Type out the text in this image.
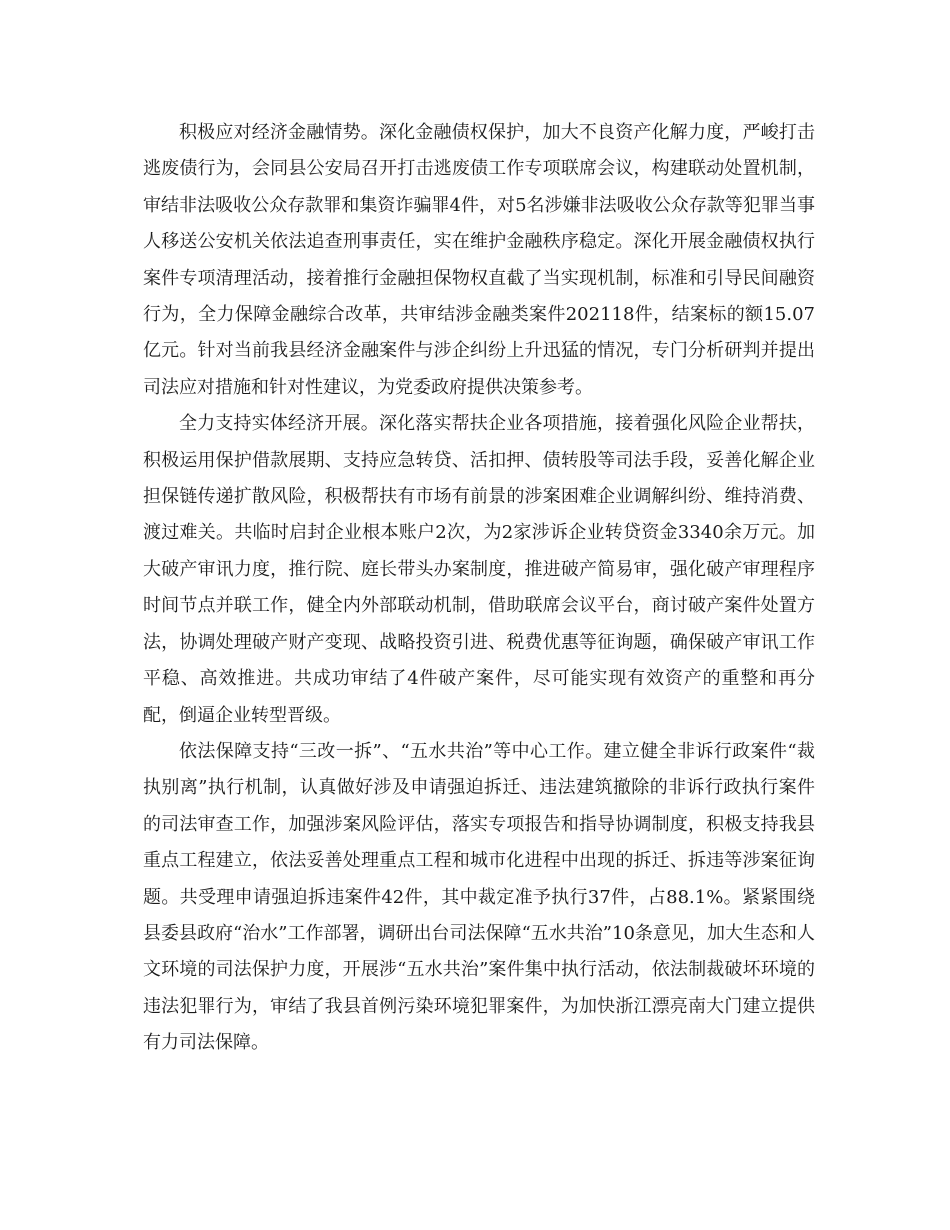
积极应对经济金融情势。深化金融债权保护，加大不良资产化解力度，严峻打击逃废债行为，会同县公安局召开打击逃废债工作专项联席会议，构建联动处置机制，审结非法吸收公众存款罪和集资诈骗罪4件，对5名涉嫌非法吸收公众存款等犯罪当事人移送公安机关依法追查刑事责任，实在维护金融秩序稳定。深化开展金融债权执行案件专项清理活动，接着推行金融担保物权直截了当实现机制，标准和引导民间融资行为，全力保障金融综合改革，共审结涉金融类案件202118件，结案标的额15.07亿元。针对当前我县经济金融案件与涉企纠纷上升迅猛的情况，专门分析研判并提出司法应对措施和针对性建议，为党委政府提供决策参考。

全力支持实体经济开展。深化落实帮扶企业各项措施，接着强化风险企业帮扶，积极运用保护借款展期、支持应急转贷、活扣押、债转股等司法手段，妥善化解企业担保链传递扩散风险，积极帮扶有市场有前景的涉案困难企业调解纠纷、维持消费、渡过难关。共临时启封企业根本账户2次，为2家涉诉企业转贷资金3340余万元。加大破产审讯力度，推行院、庭长带头办案制度，推进破产简易审，强化破产审理程序时间节点并联工作，健全内外部联动机制，借助联席会议平台，商讨破产案件处置方法，协调处理破产财产变现、战略投资引进、税费优惠等征询题，确保破产审讯工作平稳、高效推进。共成功审结了4件破产案件，尽可能实现有效资产的重整和再分配，倒逼企业转型晋级。

依法保障支持“三改一拆”、“五水共治”等中心工作。建立健全非诉行政案件“裁执别离”执行机制，认真做好涉及申请强迫拆迁、违法建筑撤除的非诉行政执行案件的司法审查工作，加强涉案风险评估，落实专项报告和指导协调制度，积极支持我县重点工程建立，依法妥善处理重点工程和城市化进程中出现的拆迁、拆违等涉案征询题。共受理申请强迫拆违案件42件，其中裁定准予执行37件，占88.1%。紧紧围绕县委县政府“治水”工作部署，调研出台司法保障“五水共治”10条意见，加大生态和人文环境的司法保护力度，开展涉“五水共治”案件集中执行活动，依法制裁破坏环境的违法犯罪行为，审结了我县首例污染环境犯罪案件，为加快浙江漂亮南大门建立提供有力司法保障。
